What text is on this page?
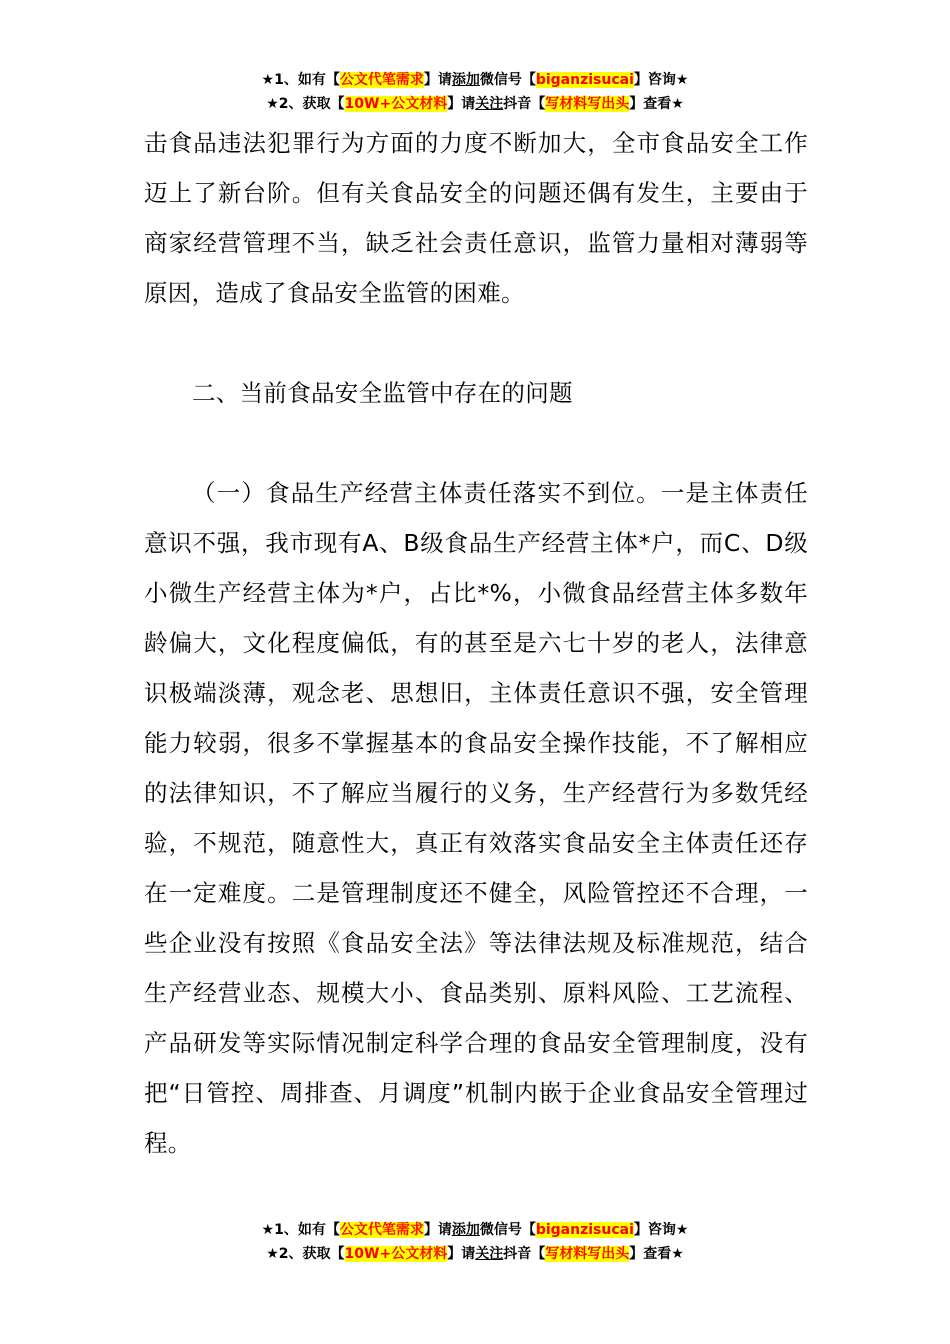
★1、如有【公文代笔需求】请添加微信号【biganzisucai】咨询★
★2、获取【10W+公文材料】请关注抖音【写材料写出头】查看★

击食品违法犯罪行为方面的力度不断加大，全市食品安全工作迈上了新台阶。但有关食品安全的问题还偶有发生，主要由于商家经营管理不当，缺乏社会责任意识，监管力量相对薄弱等原因，造成了食品安全监管的困难。

二、当前食品安全监管中存在的问题

（一）食品生产经营主体责任落实不到位。一是主体责任意识不强，我市现有A、B级食品生产经营主体*户，而C、D级小微生产经营主体为*户，占比*%，小微食品经营主体多数年龄偏大，文化程度偏低，有的甚至是六七十岁的老人，法律意识极端淡薄，观念老、思想旧，主体责任意识不强，安全管理能力较弱，很多不掌握基本的食品安全操作技能，不了解相应的法律知识，不了解应当履行的义务，生产经营行为多数凭经验，不规范，随意性大，真正有效落实食品安全主体责任还存在一定难度。二是管理制度还不健全，风险管控还不合理，一些企业没有按照《食品安全法》等法律法规及标准规范，结合生产经营业态、规模大小、食品类别、原料风险、工艺流程、产品研发等实际情况制定科学合理的食品安全管理制度，没有把“日管控、周排查、月调度”机制内嵌于企业食品安全管理过程。

★1、如有【公文代笔需求】请添加微信号【biganzisucai】咨询★
★2、获取【10W+公文材料】请关注抖音【写材料写出头】查看★
